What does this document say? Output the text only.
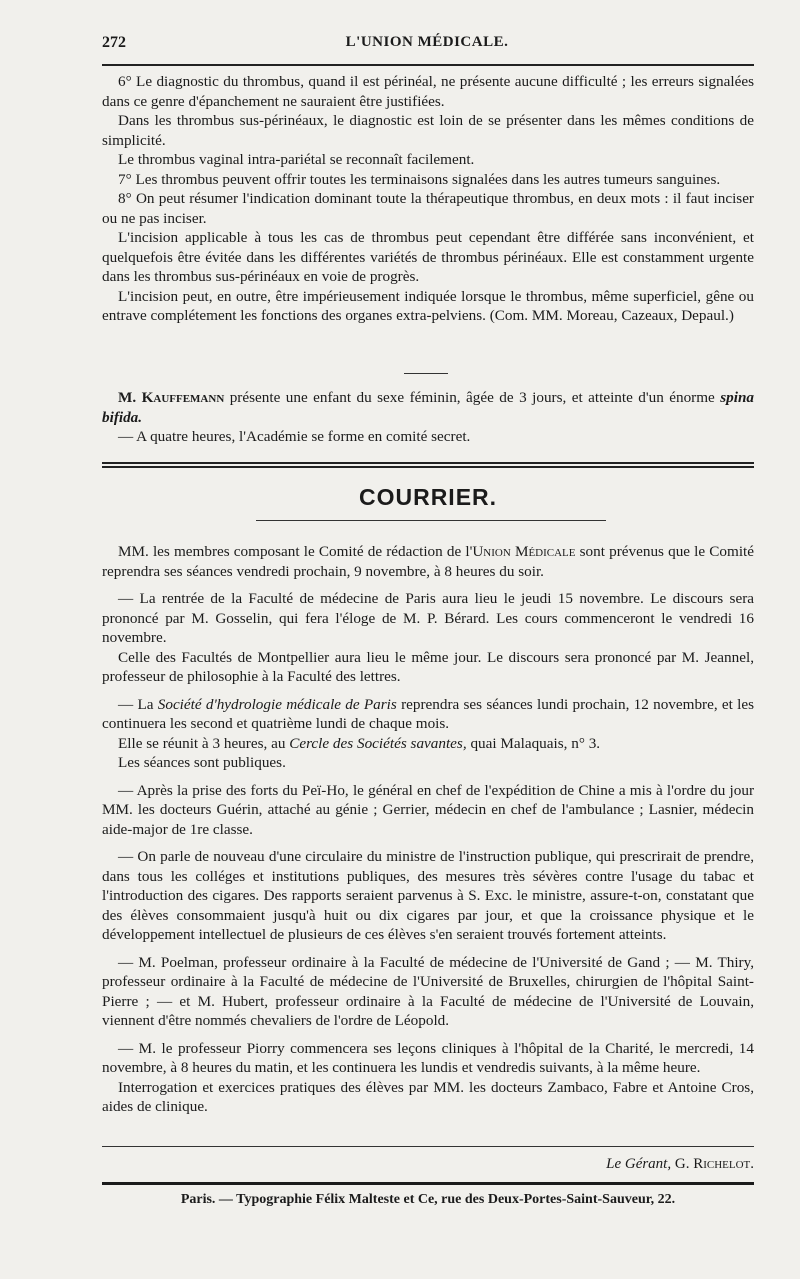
272	L'UNION MÉDICALE.

6° Le diagnostic du thrombus, quand il est périnéal, ne présente aucune difficulté ; les erreurs signalées dans ce genre d'épanchement ne sauraient être justifiées.

Dans les thrombus sus-périnéaux, le diagnostic est loin de se présenter dans les mêmes conditions de simplicité.

Le thrombus vaginal intra-pariétal se reconnaît facilement.

7° Les thrombus peuvent offrir toutes les terminaisons signalées dans les autres tumeurs sanguines.

8° On peut résumer l'indication dominant toute la thérapeutique thrombus, en deux mots : il faut inciser ou ne pas inciser.

L'incision applicable à tous les cas de thrombus peut cependant être différée sans inconvénient, et quelquefois être évitée dans les différentes variétés de thrombus périnéaux. Elle est constamment urgente dans les thrombus sus-périnéaux en voie de progrès.

L'incision peut, en outre, être impérieusement indiquée lorsque le thrombus, même superficiel, gêne ou entrave complétement les fonctions des organes extra-pelviens. (Com. MM. Moreau, Cazeaux, Depaul.)

M. Kauffemann présente une enfant du sexe féminin, âgée de 3 jours, et atteinte d'un énorme spina bifida.

— A quatre heures, l'Académie se forme en comité secret.

COURRIER.

MM. les membres composant le Comité de rédaction de l'Union Médicale sont prévenus que le Comité reprendra ses séances vendredi prochain, 9 novembre, à 8 heures du soir.

— La rentrée de la Faculté de médecine de Paris aura lieu le jeudi 15 novembre. Le discours sera prononcé par M. Gosselin, qui fera l'éloge de M. P. Bérard. Les cours commenceront le vendredi 16 novembre.

Celle des Facultés de Montpellier aura lieu le même jour. Le discours sera prononcé par M. Jeannel, professeur de philosophie à la Faculté des lettres.

— La Société d'hydrologie médicale de Paris reprendra ses séances lundi prochain, 12 novembre, et les continuera les second et quatrième lundi de chaque mois.

Elle se réunit à 3 heures, au Cercle des Sociétés savantes, quai Malaquais, n° 3.

Les séances sont publiques.

— Après la prise des forts du Peï-Ho, le général en chef de l'expédition de Chine a mis à l'ordre du jour MM. les docteurs Guérin, attaché au génie ; Gerrier, médecin en chef de l'ambulance ; Lasnier, médecin aide-major de 1re classe.

— On parle de nouveau d'une circulaire du ministre de l'instruction publique, qui prescrirait de prendre, dans tous les colléges et institutions publiques, des mesures très sévères contre l'usage du tabac et l'introduction des cigares. Des rapports seraient parvenus à S. Exc. le ministre, assure-t-on, constatant que des élèves consommaient jusqu'à huit ou dix cigares par jour, et que la croissance physique et le développement intellectuel de plusieurs de ces élèves s'en seraient trouvés fortement atteints.

— M. Poelman, professeur ordinaire à la Faculté de médecine de l'Université de Gand ; — M. Thiry, professeur ordinaire à la Faculté de médecine de l'Université de Bruxelles, chirurgien de l'hôpital Saint-Pierre ; — et M. Hubert, professeur ordinaire à la Faculté de médecine de l'Université de Louvain, viennent d'être nommés chevaliers de l'ordre de Léopold.

— M. le professeur Piorry commencera ses leçons cliniques à l'hôpital de la Charité, le mercredi, 14 novembre, à 8 heures du matin, et les continuera les lundis et vendredis suivants, à la même heure.

Interrogation et exercices pratiques des élèves par MM. les docteurs Zambaco, Fabre et Antoine Cros, aides de clinique.

Le Gérant, G. Richelot.
Paris. — Typographie Félix Malteste et Ce, rue des Deux-Portes-Saint-Sauveur, 22.
